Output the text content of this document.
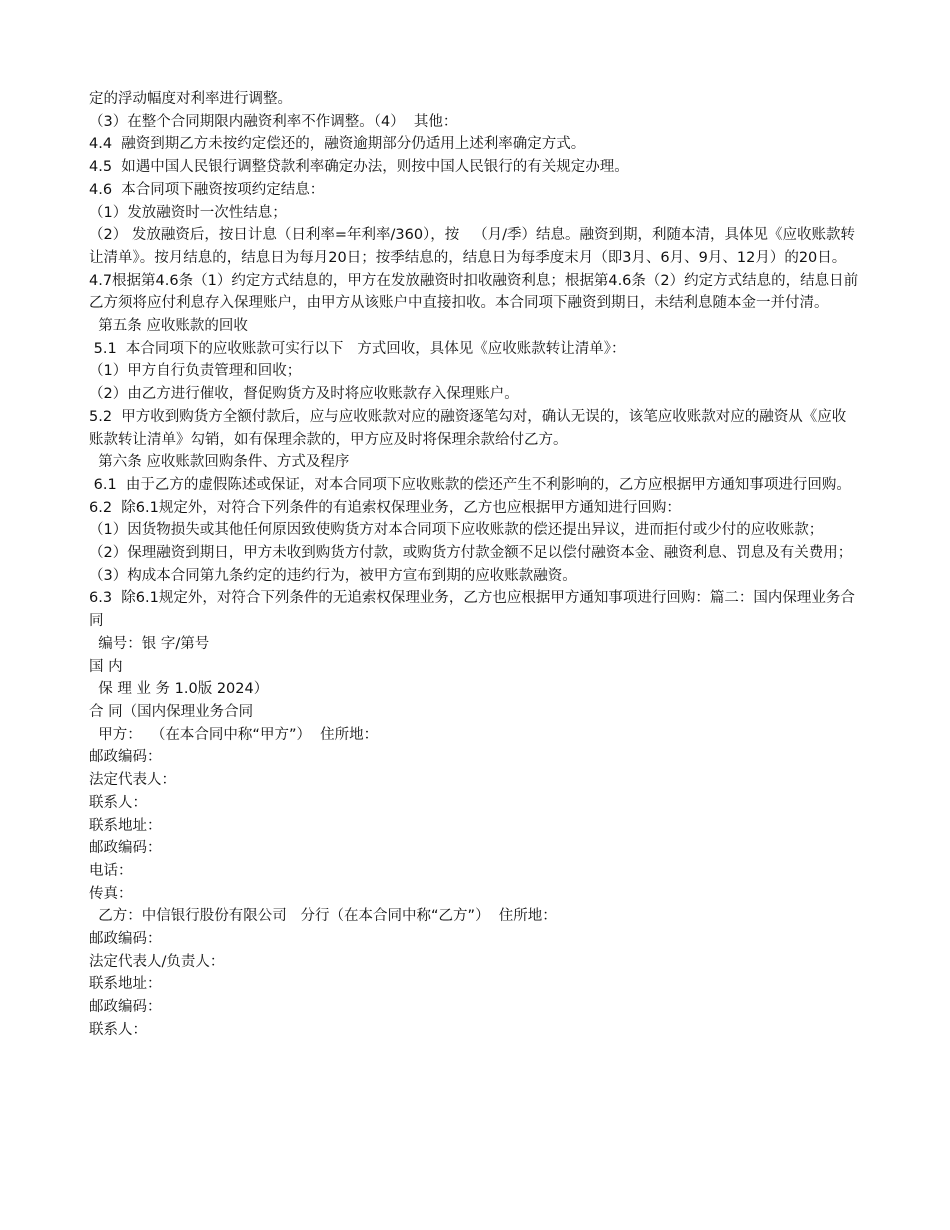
定的浮动幅度对利率进行调整。

（3）在整个合同期限内融资利率不作调整。（4）  其他：

4.4  融资到期乙方未按约定偿还的，融资逾期部分仍适用上述利率确定方式。

4.5  如遇中国人民银行调整贷款利率确定办法，则按中国人民银行的有关规定办理。

4.6  本合同项下融资按项约定结息：

（1）发放融资时一次性结息；

（2） 发放融资后，按日计息（日利率=年利率/360），按   （月/季）结息。融资到期，利随本清，具体见《应收账款转让清单》。按月结息的，结息日为每月20日；按季结息的，结息日为每季度末月（即3月、6月、9月、12月）的20日。

4.7根据第4.6条（1）约定方式结息的，甲方在发放融资时扣收融资利息；根据第4.6条（2）约定方式结息的，结息日前乙方须将应付利息存入保理账户，由甲方从该账户中直接扣收。本合同项下融资到期日，未结利息随本金一并付清。

第五条 应收账款的回收

5.1  本合同项下的应收账款可实行以下   方式回收，具体见《应收账款转让清单》：

（1）甲方自行负责管理和回收；

（2）由乙方进行催收，督促购货方及时将应收账款存入保理账户。

5.2  甲方收到购货方全额付款后，应与应收账款对应的融资逐笔勾对，确认无误的，该笔应收账款对应的融资从《应收账款转让清单》勾销，如有保理余款的，甲方应及时将保理余款给付乙方。

第六条 应收账款回购条件、方式及程序

6.1  由于乙方的虚假陈述或保证，对本合同项下应收账款的偿还产生不利影响的，乙方应根据甲方通知事项进行回购。

6.2  除6.1规定外，对符合下列条件的有追索权保理业务，乙方也应根据甲方通知进行回购：

（1）因货物损失或其他任何原因致使购货方对本合同项下应收账款的偿还提出异议，进而拒付或少付的应收账款；

（2）保理融资到期日，甲方未收到购货方付款，或购货方付款金额不足以偿付融资本金、融资利息、罚息及有关费用；

（3）构成本合同第九条约定的违约行为，被甲方宣布到期的应收账款融资。

6.3  除6.1规定外，对符合下列条件的无追索权保理业务，乙方也应根据甲方通知事项进行回购：篇二：国内保理业务合同

编号：银 字/第号

国 内

保 理 业 务 1.0版 2024）

合 同（国内保理业务合同

甲方：  （在本合同中称“甲方”）  住所地：

邮政编码：

法定代表人：

联系人：

联系地址：

邮政编码：

电话：

传真：

乙方：中信银行股份有限公司   分行（在本合同中称“乙方”）  住所地：

邮政编码：

法定代表人/负责人：

联系地址：

邮政编码：

联系人：
